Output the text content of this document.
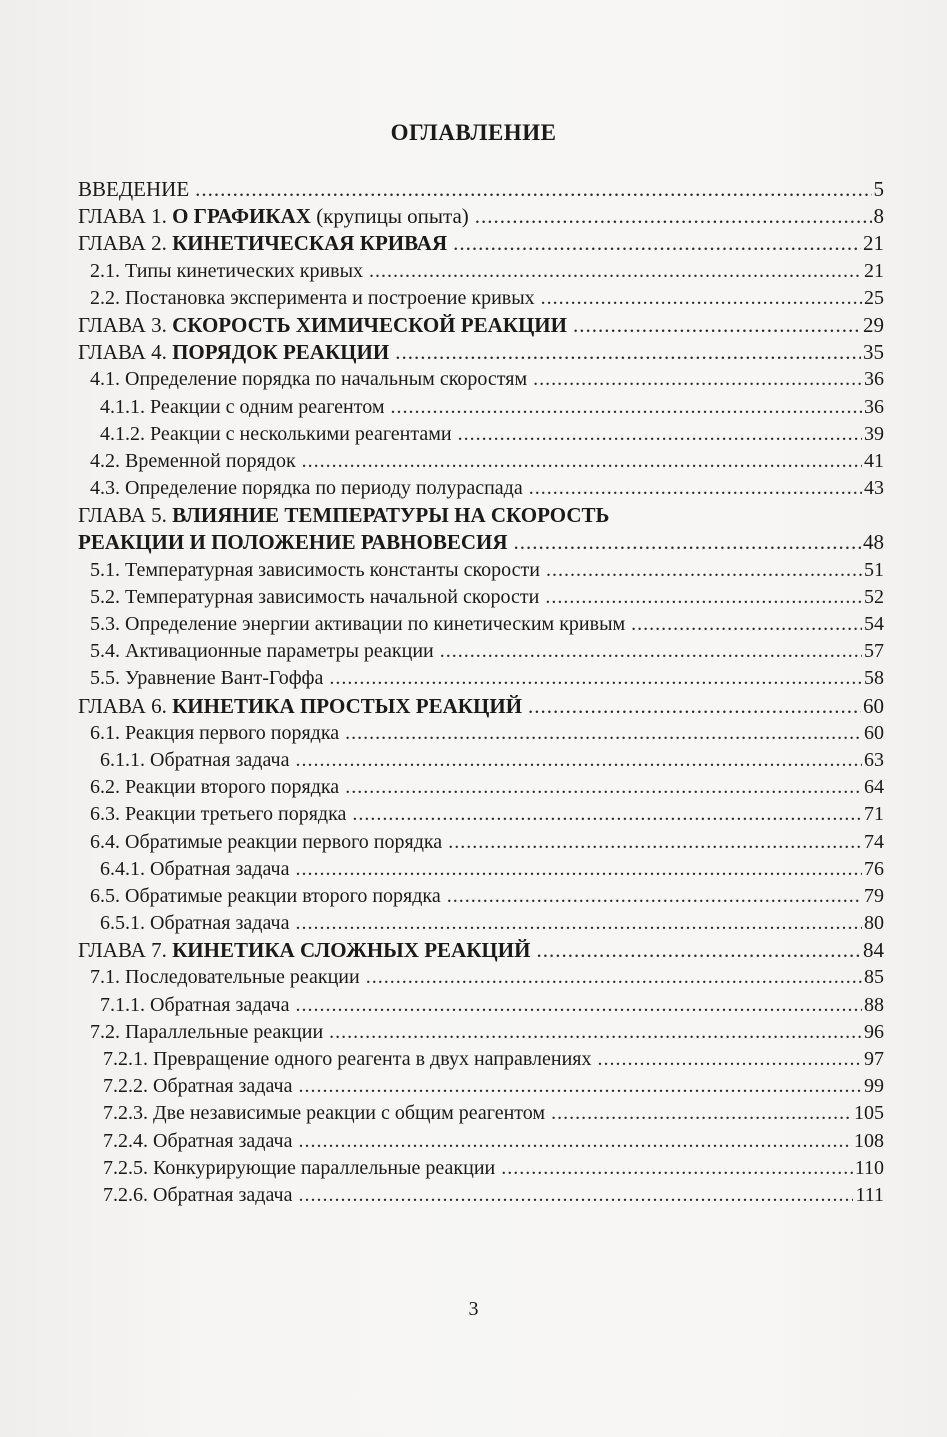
ОГЛАВЛЕНИЕ
ВВЕДЕНИЕ .....	5
ГЛАВА 1. О ГРАФИКАХ (крупицы опыта) .....	8
ГЛАВА 2. КИНЕТИЧЕСКАЯ КРИВАЯ .....	21
2.1. Типы кинетических кривых .....	21
2.2. Постановка эксперимента и построение кривых .....	25
ГЛАВА 3. СКОРОСТЬ ХИМИЧЕСКОЙ РЕАКЦИИ .....	29
ГЛАВА 4. ПОРЯДОК РЕАКЦИИ .....	35
4.1. Определение порядка по начальным скоростям .....	36
4.1.1. Реакции с одним реагентом .....	36
4.1.2. Реакции с несколькими реагентами .....	39
4.2. Временной порядок .....	41
4.3. Определение порядка по периоду полураспада .....	43
ГЛАВА 5. ВЛИЯНИЕ ТЕМПЕРАТУРЫ НА СКОРОСТЬ
РЕАКЦИИ И ПОЛОЖЕНИЕ РАВНОВЕСИЯ .....	48
5.1. Температурная зависимость константы скорости .....	51
5.2. Температурная зависимость начальной скорости .....	52
5.3. Определение энергии активации по кинетическим кривым .....	54
5.4. Активационные параметры реакции .....	57
5.5. Уравнение Вант-Гоффа .....	58
ГЛАВА 6. КИНЕТИКА ПРОСТЫХ РЕАКЦИЙ .....	60
6.1. Реакция первого порядка .....	60
6.1.1. Обратная задача .....	63
6.2. Реакции второго порядка .....	64
6.3. Реакции третьего порядка .....	71
6.4. Обратимые реакции первого порядка .....	74
6.4.1. Обратная задача .....	76
6.5. Обратимые реакции второго порядка .....	79
6.5.1. Обратная задача .....	80
ГЛАВА 7. КИНЕТИКА СЛОЖНЫХ РЕАКЦИЙ .....	84
7.1. Последовательные реакции .....	85
7.1.1. Обратная задача .....	88
7.2. Параллельные реакции .....	96
7.2.1. Превращение одного реагента в двух направлениях .....	97
7.2.2. Обратная задача .....	99
7.2.3. Две независимые реакции с общим реагентом .....	105
7.2.4. Обратная задача .....	108
7.2.5. Конкурирующие параллельные реакции .....	110
7.2.6. Обратная задача .....	111
3
